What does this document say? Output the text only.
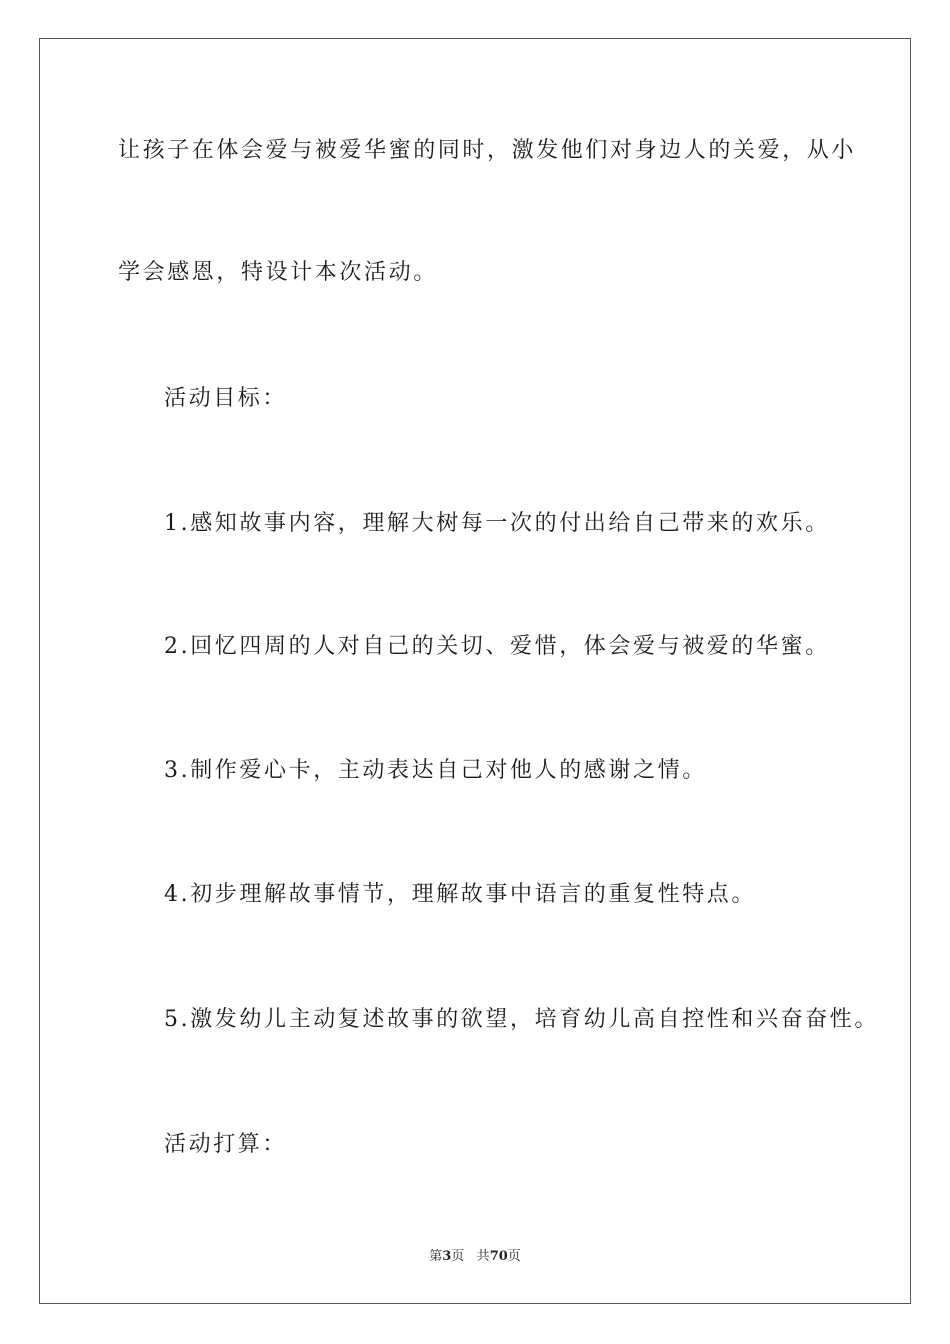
让孩子在体会爱与被爱华蜜的同时，激发他们对身边人的关爱，从小
学会感恩，特设计本次活动。
活动目标：
1.感知故事内容，理解大树每一次的付出给自己带来的欢乐。
2.回忆四周的人对自己的关切、爱惜，体会爱与被爱的华蜜。
3.制作爱心卡，主动表达自己对他人的感谢之情。
4.初步理解故事情节，理解故事中语言的重复性特点。
5.激发幼儿主动复述故事的欲望，培育幼儿高自控性和兴奋奋性。
活动打算：
第3页 共70页
